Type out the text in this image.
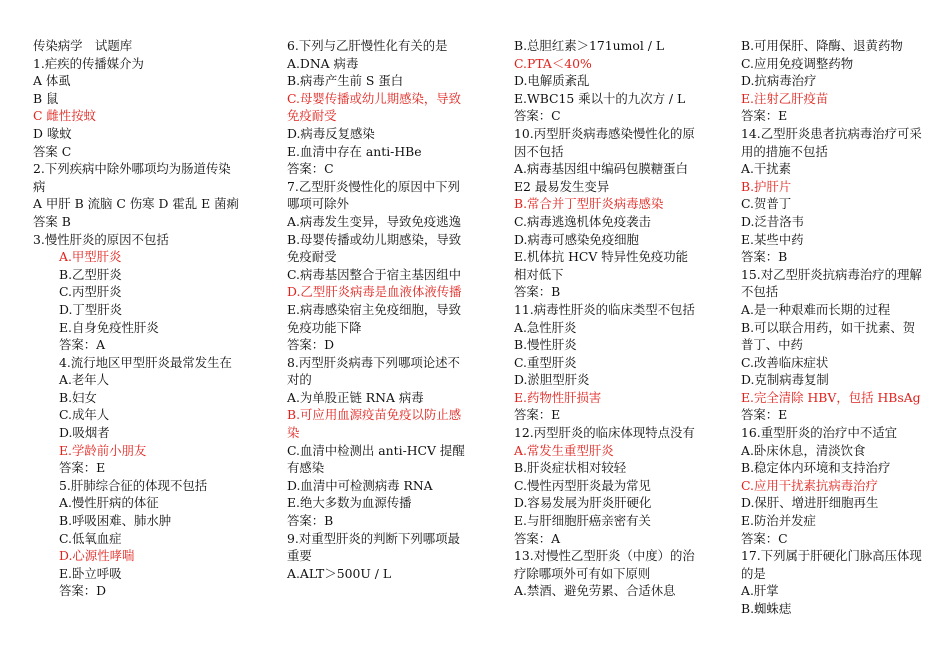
传染病学　试题库
1.疟疾的传播媒介为
A 体虱
B 鼠
C 雌性按蚊
D 喙蚊
答案 C
2.下列疾病中除外哪项均为肠道传染病
A 甲肝 B 流脑 C 伤寒 D 霍乱 E 菌痢
答案 B
3.慢性肝炎的原因不包括
A.甲型肝炎
B.乙型肝炎
C.丙型肝炎
D.丁型肝炎
E.自身免疫性肝炎
答案：A
4.流行地区甲型肝炎最常发生在
A.老年人
B.妇女
C.成年人
D.吸烟者
E.学龄前小朋友
答案：E
5.肝肺综合征的体现不包括
A.慢性肝病的体征
B.呼吸困难、肺水肿
C.低氧血症
D.心源性哮喘
E.卧立呼吸
答案：D
6.下列与乙肝慢性化有关的是
A.DNA 病毒
B.病毒产生前 S 蛋白
C.母婴传播或幼儿期感染，导致免疫耐受
D.病毒反复感染
E.血清中存在 anti-HBe
答案：C
7.乙型肝炎慢性化的原因中下列哪项可除外
A.病毒发生变异，导致免疫逃逸
B.母婴传播或幼儿期感染，导致免疫耐受
C.病毒基因整合于宿主基因组中
D.乙型肝炎病毒是血液体液传播
E.病毒感染宿主免疫细胞，导致免疫功能下降
答案：D
8.丙型肝炎病毒下列哪项论述不对的
A.为单股正链 RNA 病毒
B.可应用血源疫苗免疫以防止感染
C.血清中检测出 anti-HCV 提醒有感染
D.血清中可检测病毒 RNA
E.绝大多数为血源传播
答案：B
9.对重型肝炎的判断下列哪项最重要
A.ALT＞500U / L
B.总胆红素＞171umol / L
C.PTA＜40%
D.电解质紊乱
E.WBC15 乘以十的九次方 / L
答案：C
10.丙型肝炎病毒感染慢性化的原因不包括
A.病毒基因组中编码包膜糖蛋白 E2 最易发生变异
B.常合并丁型肝炎病毒感染
C.病毒逃逸机体免疫袭击
D.病毒可感染免疫细胞
E.机体抗 HCV 特异性免疫功能相对低下
答案：B
11.病毒性肝炎的临床类型不包括
A.急性肝炎
B.慢性肝炎
C.重型肝炎
D.淤胆型肝炎
E.药物性肝损害
答案：E
12.丙型肝炎的临床体现特点没有
A.常发生重型肝炎
B.肝炎症状相对较轻
C.慢性丙型肝炎最为常见
D.容易发展为肝炎肝硬化
E.与肝细胞肝癌亲密有关
答案：A
13.对慢性乙型肝炎（中度）的治疗除哪项外可有如下原则
A.禁酒、避免劳累、合适休息
B.可用保肝、降酶、退黄药物
C.应用免疫调整药物
D.抗病毒治疗
E.注射乙肝疫苗
答案：E
14.乙型肝炎患者抗病毒治疗可采用的措施不包括
A.干扰素
B.护肝片
C.贺普丁
D.泛昔洛韦
E.某些中药
答案：B
15.对乙型肝炎抗病毒治疗的理解不包括
A.是一种艰难而长期的过程
B.可以联合用药，如干扰素、贺普丁、中药
C.改善临床症状
D.克制病毒复制
E.完全清除 HBV，包括 HBsAg
答案：E
16.重型肝炎的治疗中不适宜
A.卧床休息，清淡饮食
B.稳定体内环境和支持治疗
C.应用干扰素抗病毒治疗
D.保肝、增进肝细胞再生
E.防治并发症
答案：C
17.下列属于肝硬化门脉高压体现的是
A.肝掌
B.蜘蛛痣
